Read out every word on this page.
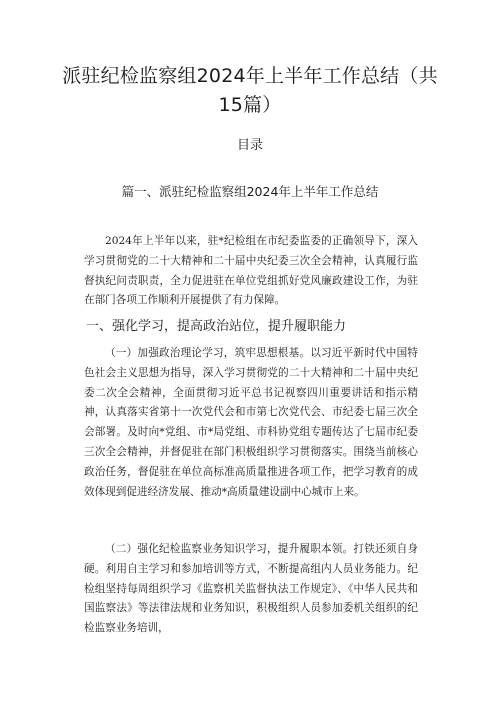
派驻纪检监察组2024年上半年工作总结（共15篇）
目录
篇一、派驻纪检监察组2024年上半年工作总结

2024年上半年以来，驻*纪检组在市纪委监委的正确领导下，深入学习贯彻党的二十大精神和二十届中央纪委三次全会精神，认真履行监督执纪问责职责，全力促进驻在单位党组抓好党风廉政建设工作，为驻在部门各项工作顺利开展提供了有力保障。

一、强化学习，提高政治站位，提升履职能力

（一）加强政治理论学习，筑牢思想根基。以习近平新时代中国特色社会主义思想为指导，深入学习贯彻党的二十大精神和二十届中央纪委二次全会精神，全面贯彻习近平总书记视察四川重要讲话和指示精神，认真落实省第十一次党代会和市第七次党代会、市纪委七届三次全会部署。及时向*党组、市*局党组、市科协党组专题传达了七届市纪委三次全会精神，并督促驻在部门积极组织学习贯彻落实。围绕当前核心政治任务，督促驻在单位高标准高质量推进各项工作，把学习教育的成效体现到促进经济发展、推动*高质量建设副中心城市上来。

（二）强化纪检监察业务知识学习，提升履职本领。打铁还须自身硬。利用自主学习和参加培训等方式，不断提高组内人员业务能力。纪检组坚持每周组织学习《监察机关监督执法工作规定》、《中华人民共和国监察法》等法律法规和业务知识，积极组织人员参加委机关组织的纪检监察业务培训，
